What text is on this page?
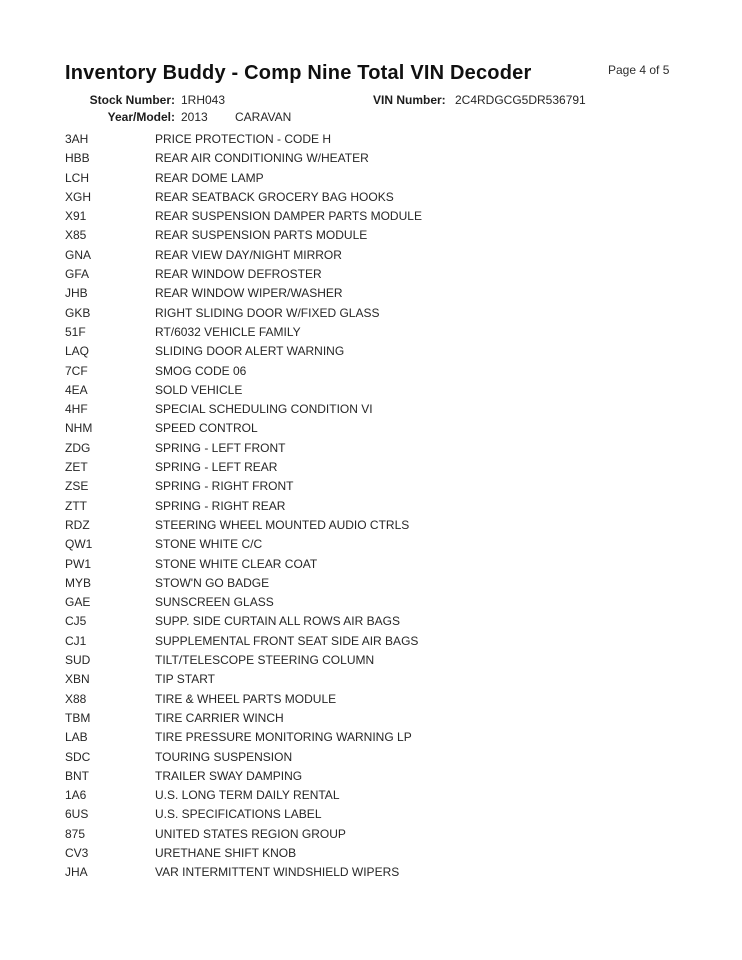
Inventory Buddy - Comp Nine Total VIN Decoder	Page 4 of 5
Stock Number: 1RH043	VIN Number: 2C4RDGCG5DR536791
Year/Model: 2013 CARAVAN
3AH	PRICE PROTECTION - CODE H
HBB	REAR AIR CONDITIONING W/HEATER
LCH	REAR DOME LAMP
XGH	REAR SEATBACK GROCERY BAG HOOKS
X91	REAR SUSPENSION DAMPER PARTS MODULE
X85	REAR SUSPENSION PARTS MODULE
GNA	REAR VIEW DAY/NIGHT MIRROR
GFA	REAR WINDOW DEFROSTER
JHB	REAR WINDOW WIPER/WASHER
GKB	RIGHT SLIDING DOOR W/FIXED GLASS
51F	RT/6032 VEHICLE FAMILY
LAQ	SLIDING DOOR ALERT WARNING
7CF	SMOG CODE 06
4EA	SOLD VEHICLE
4HF	SPECIAL SCHEDULING CONDITION VI
NHM	SPEED CONTROL
ZDG	SPRING - LEFT FRONT
ZET	SPRING - LEFT REAR
ZSE	SPRING - RIGHT FRONT
ZTT	SPRING - RIGHT REAR
RDZ	STEERING WHEEL MOUNTED AUDIO CTRLS
QW1	STONE WHITE C/C
PW1	STONE WHITE CLEAR COAT
MYB	STOW'N GO BADGE
GAE	SUNSCREEN GLASS
CJ5	SUPP. SIDE CURTAIN ALL ROWS AIR BAGS
CJ1	SUPPLEMENTAL FRONT SEAT SIDE AIR BAGS
SUD	TILT/TELESCOPE STEERING COLUMN
XBN	TIP START
X88	TIRE & WHEEL PARTS MODULE
TBM	TIRE CARRIER WINCH
LAB	TIRE PRESSURE MONITORING WARNING LP
SDC	TOURING SUSPENSION
BNT	TRAILER SWAY DAMPING
1A6	U.S. LONG TERM DAILY RENTAL
6US	U.S. SPECIFICATIONS LABEL
875	UNITED STATES REGION GROUP
CV3	URETHANE SHIFT KNOB
JHA	VAR INTERMITTENT WINDSHIELD WIPERS
